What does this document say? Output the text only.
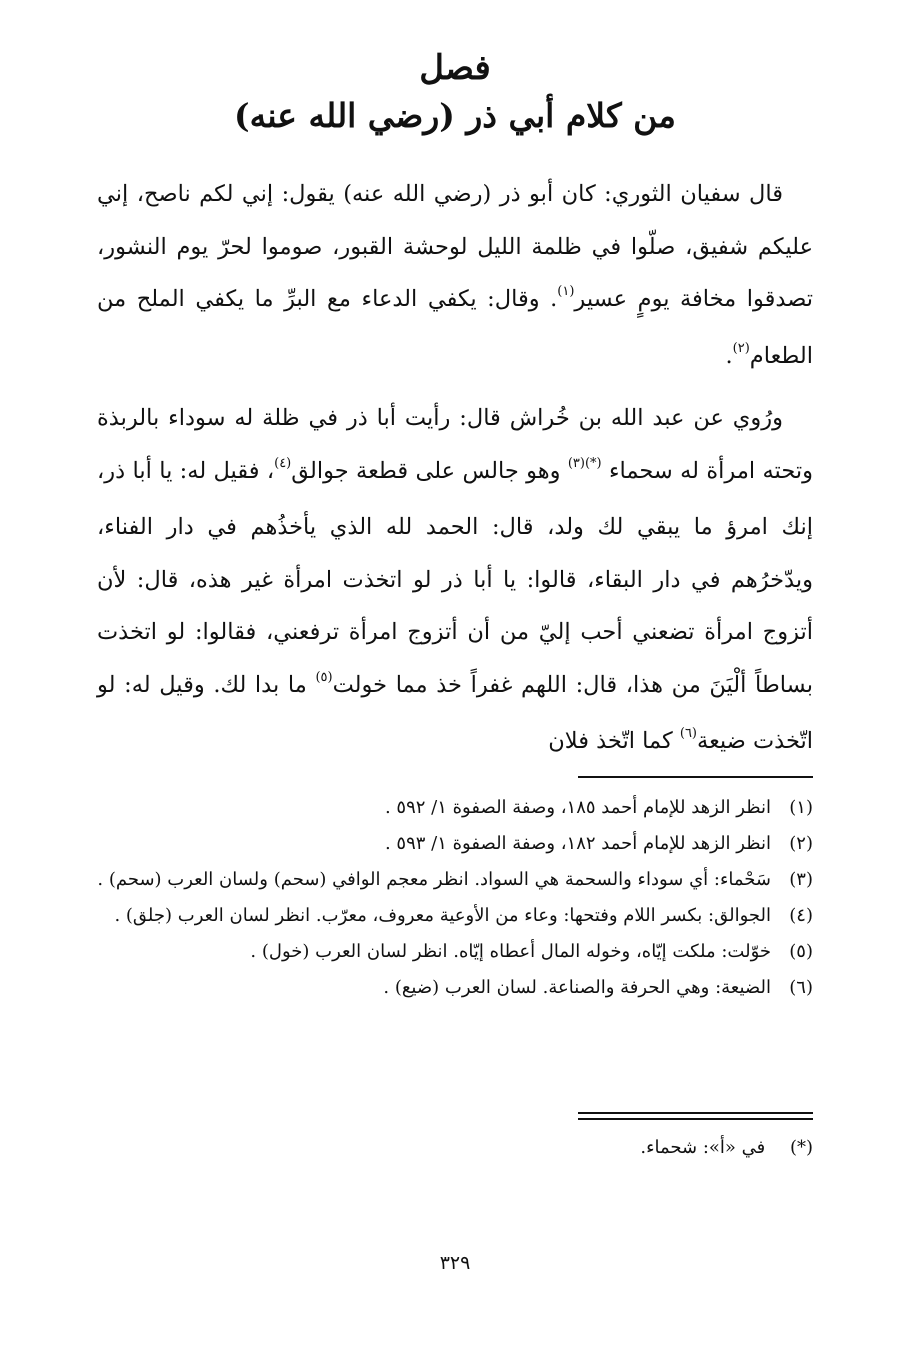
فصل
من كلام أبي ذر (رضي الله عنه)

قال سفيان الثوري: كان أبو ذر (رضي الله عنه) يقول: إني لكم ناصح، إني عليكم شفيق، صلّوا في ظلمة الليل لوحشة القبور، صوموا لحرّ يوم النشور، تصدقوا مخافة يومٍ عسير$^{(١)}$. وقال: يكفي الدعاء مع البرِّ ما يكفي الملح من الطعام$^{(٢)}$.

ورُوي عن عبد الله بن خُراش قال: رأيت أبا ذر في ظلة له سوداء بالربذة وتحته امرأة له سحماء $^{(*)(٣)}$ وهو جالس على قطعة جوالق$^{(٤)}$، فقيل له: يا أبا ذر، إنك امرؤ ما يبقي لك ولد، قال: الحمد لله الذي يأخذُهم في دار الفناء، ويدّخرُهم في دار البقاء، قالوا: يا أبا ذر لو اتخذت امرأة غير هذه، قال: لأن أتزوج امرأة تضعني أحب إليّ من أن أتزوج امرأة ترفعني، فقالوا: لو اتخذت بساطاً ألْيَنَ من هذا، قال: اللهم غفراً خذ مما خولت$^{(٥)}$ ما بدا لك. وقيل له: لو اتّخذت ضيعة$^{(٦)}$ كما اتّخذ فلان

(١)
انظر الزهد للإمام أحمد ١٨٥، وصفة الصفوة ١/ ٥٩٢ .
(٢)
انظر الزهد للإمام أحمد ١٨٢، وصفة الصفوة ١/ ٥٩٣ .
(٣)
سَحْماء: أي سوداء والسحمة هي السواد. انظر معجم الوافي (سحم) ولسان العرب (سحم) .
(٤)
الجوالق: بكسر اللام وفتحها: وعاء من الأوعية معروف، معرّب. انظر لسان العرب (جلق) .
(٥)
خوّلت: ملكت إيّاه، وخوله المال أعطاه إيّاه. انظر لسان العرب (خول) .
(٦)
الضيعة: وهي الحرفة والصناعة. لسان العرب (ضيع) .
(*) في «أ»: شحماء.
٣٢٩
